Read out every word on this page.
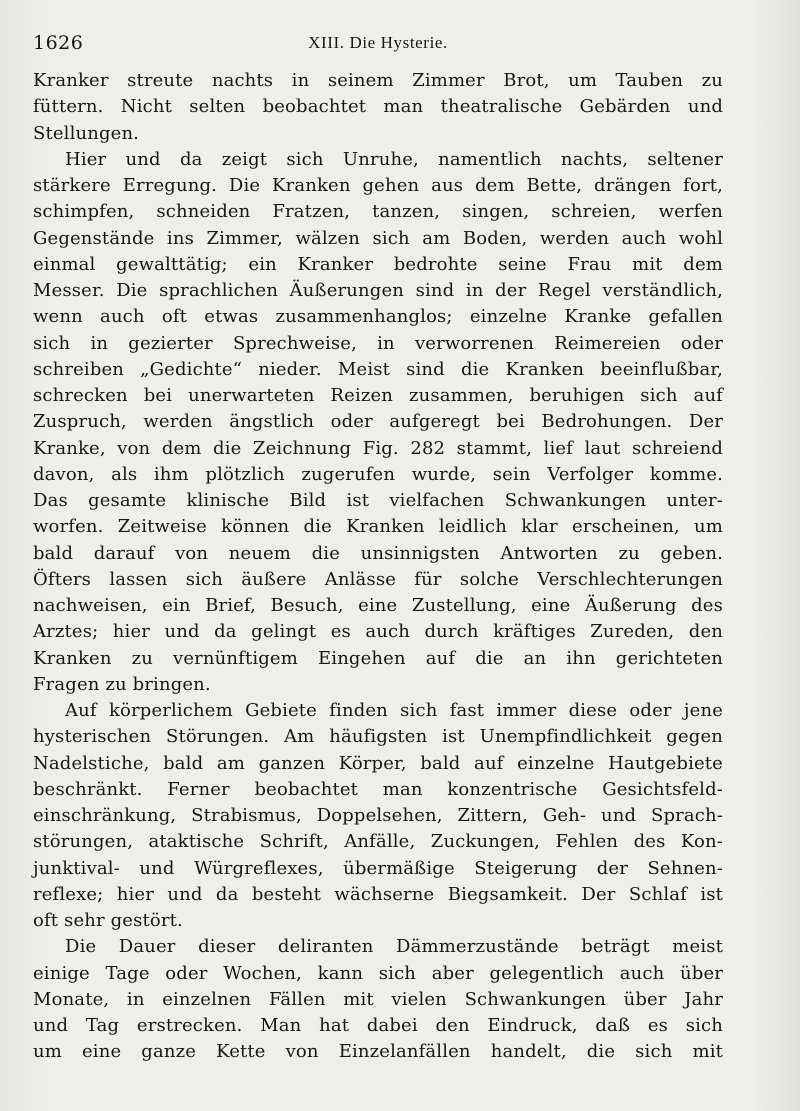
1626	XIII. Die Hysterie.
Kranker streute nachts in seinem Zimmer Brot, um Tauben zu
füttern. Nicht selten beobachtet man theatralische Gebärden und
Stellungen.
Hier und da zeigt sich Unruhe, namentlich nachts, seltener
stärkere Erregung. Die Kranken gehen aus dem Bette, drängen fort,
schimpfen, schneiden Fratzen, tanzen, singen, schreien, werfen
Gegenstände ins Zimmer, wälzen sich am Boden, werden auch wohl
einmal gewalttätig; ein Kranker bedrohte seine Frau mit dem
Messer. Die sprachlichen Äußerungen sind in der Regel verständlich,
wenn auch oft etwas zusammenhanglos; einzelne Kranke gefallen
sich in gezierter Sprechweise, in verworrenen Reimereien oder
schreiben „Gedichte“ nieder. Meist sind die Kranken beeinflußbar,
schrecken bei unerwarteten Reizen zusammen, beruhigen sich auf
Zuspruch, werden ängstlich oder aufgeregt bei Bedrohungen. Der
Kranke, von dem die Zeichnung Fig. 282 stammt, lief laut schreiend
davon, als ihm plötzlich zugerufen wurde, sein Verfolger komme.
Das gesamte klinische Bild ist vielfachen Schwankungen unter-
worfen. Zeitweise können die Kranken leidlich klar erscheinen, um
bald darauf von neuem die unsinnigsten Antworten zu geben.
Öfters lassen sich äußere Anlässe für solche Verschlechterungen
nachweisen, ein Brief, Besuch, eine Zustellung, eine Äußerung des
Arztes; hier und da gelingt es auch durch kräftiges Zureden, den
Kranken zu vernünftigem Eingehen auf die an ihn gerichteten
Fragen zu bringen.
Auf körperlichem Gebiete finden sich fast immer diese oder jene
hysterischen Störungen. Am häufigsten ist Unempfindlichkeit gegen
Nadelstiche, bald am ganzen Körper, bald auf einzelne Hautgebiete
beschränkt. Ferner beobachtet man konzentrische Gesichtsfeld-
einschränkung, Strabismus, Doppelsehen, Zittern, Geh- und Sprach-
störungen, ataktische Schrift, Anfälle, Zuckungen, Fehlen des Kon-
junktival- und Würgreflexes, übermäßige Steigerung der Sehnen-
reflexe; hier und da besteht wächserne Biegsamkeit. Der Schlaf ist
oft sehr gestört.
Die Dauer dieser deliranten Dämmerzustände beträgt meist
einige Tage oder Wochen, kann sich aber gelegentlich auch über
Monate, in einzelnen Fällen mit vielen Schwankungen über Jahr
und Tag erstrecken. Man hat dabei den Eindruck, daß es sich
um eine ganze Kette von Einzelanfällen handelt, die sich mit
